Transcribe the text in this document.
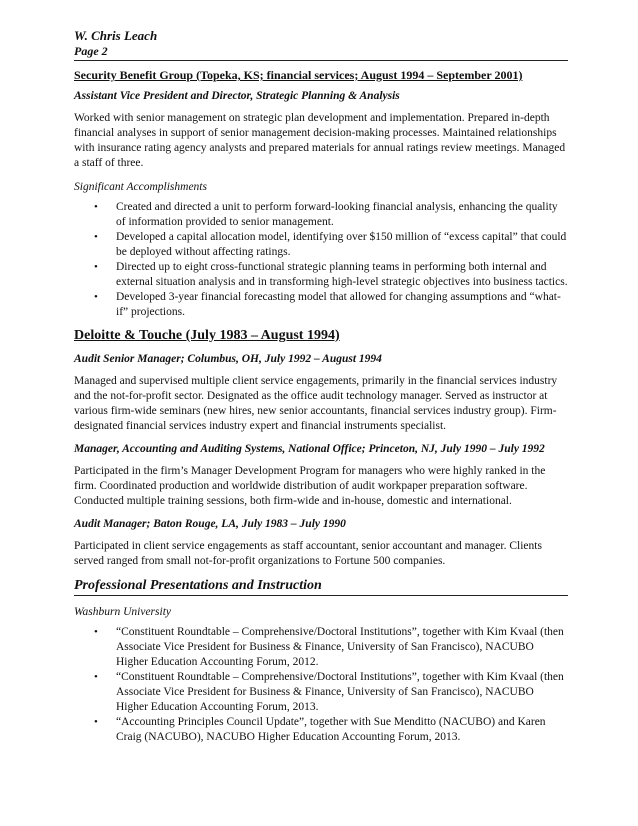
W. Chris Leach
Page 2
Security Benefit Group (Topeka, KS; financial services; August 1994 – September 2001)
Assistant Vice President and Director, Strategic Planning & Analysis
Worked with senior management on strategic plan development and implementation. Prepared in-depth financial analyses in support of senior management decision-making processes. Maintained relationships with insurance rating agency analysts and prepared materials for annual ratings review meetings. Managed a staff of three.
Significant Accomplishments
• Created and directed a unit to perform forward-looking financial analysis, enhancing the quality of information provided to senior management.
• Developed a capital allocation model, identifying over $150 million of “excess capital” that could be deployed without affecting ratings.
• Directed up to eight cross-functional strategic planning teams in performing both internal and external situation analysis and in transforming high-level strategic objectives into business tactics.
• Developed 3-year financial forecasting model that allowed for changing assumptions and “what-if” projections.
Deloitte & Touche (July 1983 – August 1994)
Audit Senior Manager; Columbus, OH, July 1992 – August 1994
Managed and supervised multiple client service engagements, primarily in the financial services industry and the not-for-profit sector. Designated as the office audit technology manager. Served as instructor at various firm-wide seminars (new hires, new senior accountants, financial services industry group). Firm-designated financial services industry expert and financial instruments specialist.
Manager, Accounting and Auditing Systems, National Office; Princeton, NJ, July 1990 – July 1992
Participated in the firm’s Manager Development Program for managers who were highly ranked in the firm. Coordinated production and worldwide distribution of audit workpaper preparation software. Conducted multiple training sessions, both firm-wide and in-house, domestic and international.
Audit Manager; Baton Rouge, LA, July 1983 – July 1990
Participated in client service engagements as staff accountant, senior accountant and manager. Clients served ranged from small not-for-profit organizations to Fortune 500 companies.
Professional Presentations and Instruction
Washburn University
• “Constituent Roundtable – Comprehensive/Doctoral Institutions”, together with Kim Kvaal (then Associate Vice President for Business & Finance, University of San Francisco), NACUBO Higher Education Accounting Forum, 2012.
• “Constituent Roundtable – Comprehensive/Doctoral Institutions”, together with Kim Kvaal (then Associate Vice President for Business & Finance, University of San Francisco), NACUBO Higher Education Accounting Forum, 2013.
• “Accounting Principles Council Update”, together with Sue Menditto (NACUBO) and Karen Craig (NACUBO), NACUBO Higher Education Accounting Forum, 2013.
